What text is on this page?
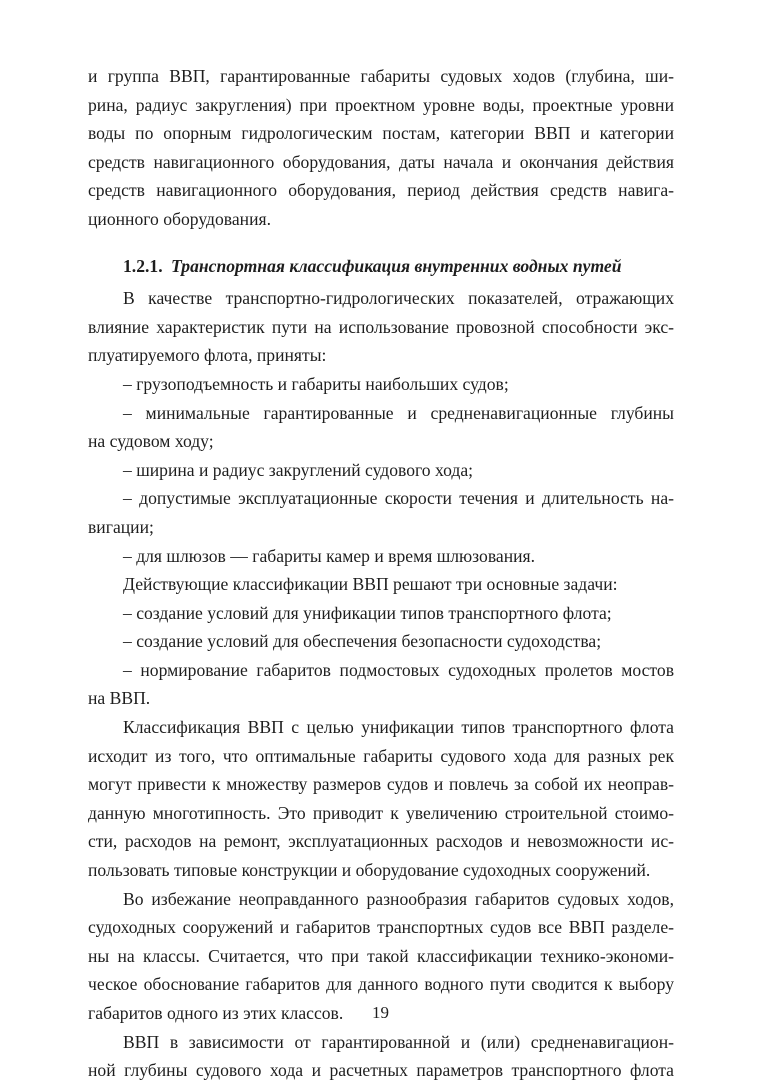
и группа ВВП, гарантированные габариты судовых ходов (глубина, ши-

рина, радиус закругления) при проектном уровне воды, проектные уровни

воды по опорным гидрологическим постам, категории ВВП и категории

средств навигационного оборудования, даты начала и окончания действия

средств навигационного оборудования, период действия средств навига-

ционного оборудования.

1.2.1. Транспортная классификация внутренних водных путей

В качестве транспортно-гидрологических показателей, отражающих

влияние характеристик пути на использование провозной способности экс-

плуатируемого флота, приняты:

– грузоподъемность и габариты наибольших судов;

– минимальные гарантированные и средненавигационные глубины

на судовом ходу;

– ширина и радиус закруглений судового хода;

– допустимые эксплуатационные скорости течения и длительность на-

вигации;

– для шлюзов — габариты камер и время шлюзования.

Действующие классификации ВВП решают три основные задачи:

– создание условий для унификации типов транспортного флота;

– создание условий для обеспечения безопасности судоходства;

– нормирование габаритов подмостовых судоходных пролетов мостов

на ВВП.

Классификация ВВП с целью унификации типов транспортного флота

исходит из того, что оптимальные габариты судового хода для разных рек

могут привести к множеству размеров судов и повлечь за собой их неоправ-

данную многотипность. Это приводит к увеличению строительной стоимо-

сти, расходов на ремонт, эксплуатационных расходов и невозможности ис-

пользовать типовые конструкции и оборудование судоходных сооружений.

Во избежание неоправданного разнообразия габаритов судовых ходов,

судоходных сооружений и габаритов транспортных судов все ВВП разделе-

ны на классы. Считается, что при такой классификации технико-экономи-

ческое обоснование габаритов для данного водного пути сводится к выбору

габаритов одного из этих классов.

ВВП в зависимости от гарантированной и (или) средненавигацион-

ной глубины судового хода и расчетных параметров транспортного флота

19
